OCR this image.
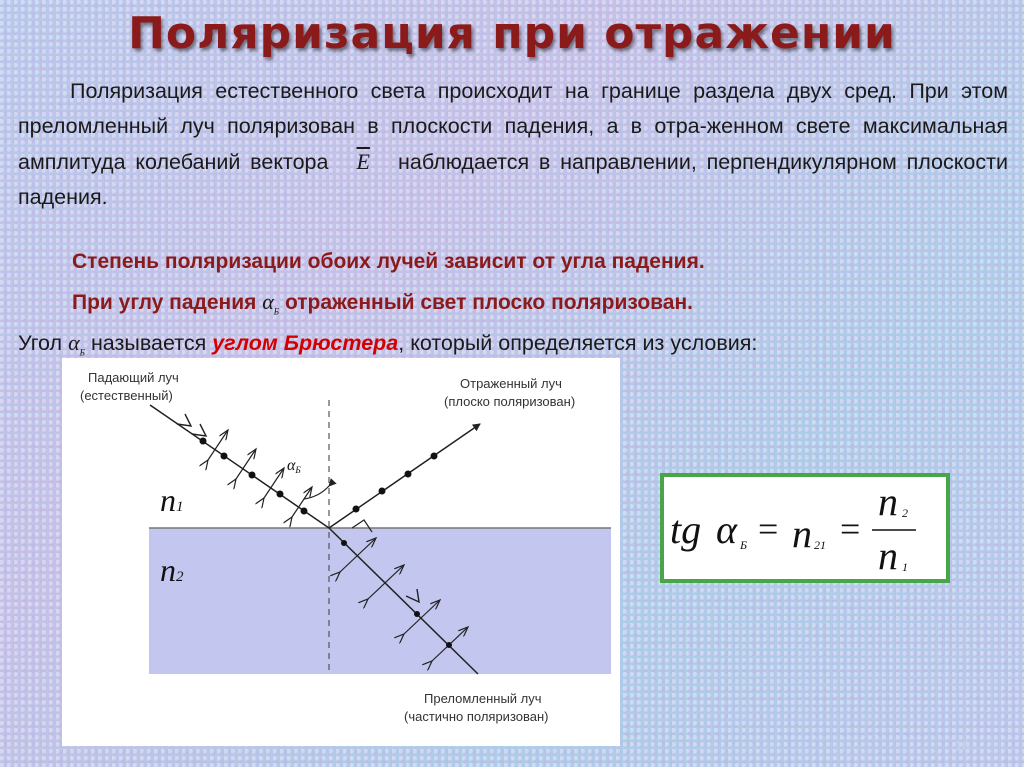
Поляризация при отражении
Поляризация естественного света происходит на границе раздела двух сред. При этом преломленный луч поляризован в плоскости падения, а в отра-женном свете максимальная амплитуда колебаний вектора $\overline{E}$ наблюдается в направлении, перпендикулярном плоскости падения.
Степень поляризации обоих лучей зависит от угла падения.
При углу падения $\alpha_Б$ отраженный свет плоско поляризован.
Угол $\alpha_Б$ называется углом Брюстера, который определяется из условия:
αБ
Падающий луч (естественный)
Отраженный луч (плоско поляризован)
Преломленный луч (частично поляризован)
n1
n2
tg α Б n 21
n 2
n 1
= =
16
